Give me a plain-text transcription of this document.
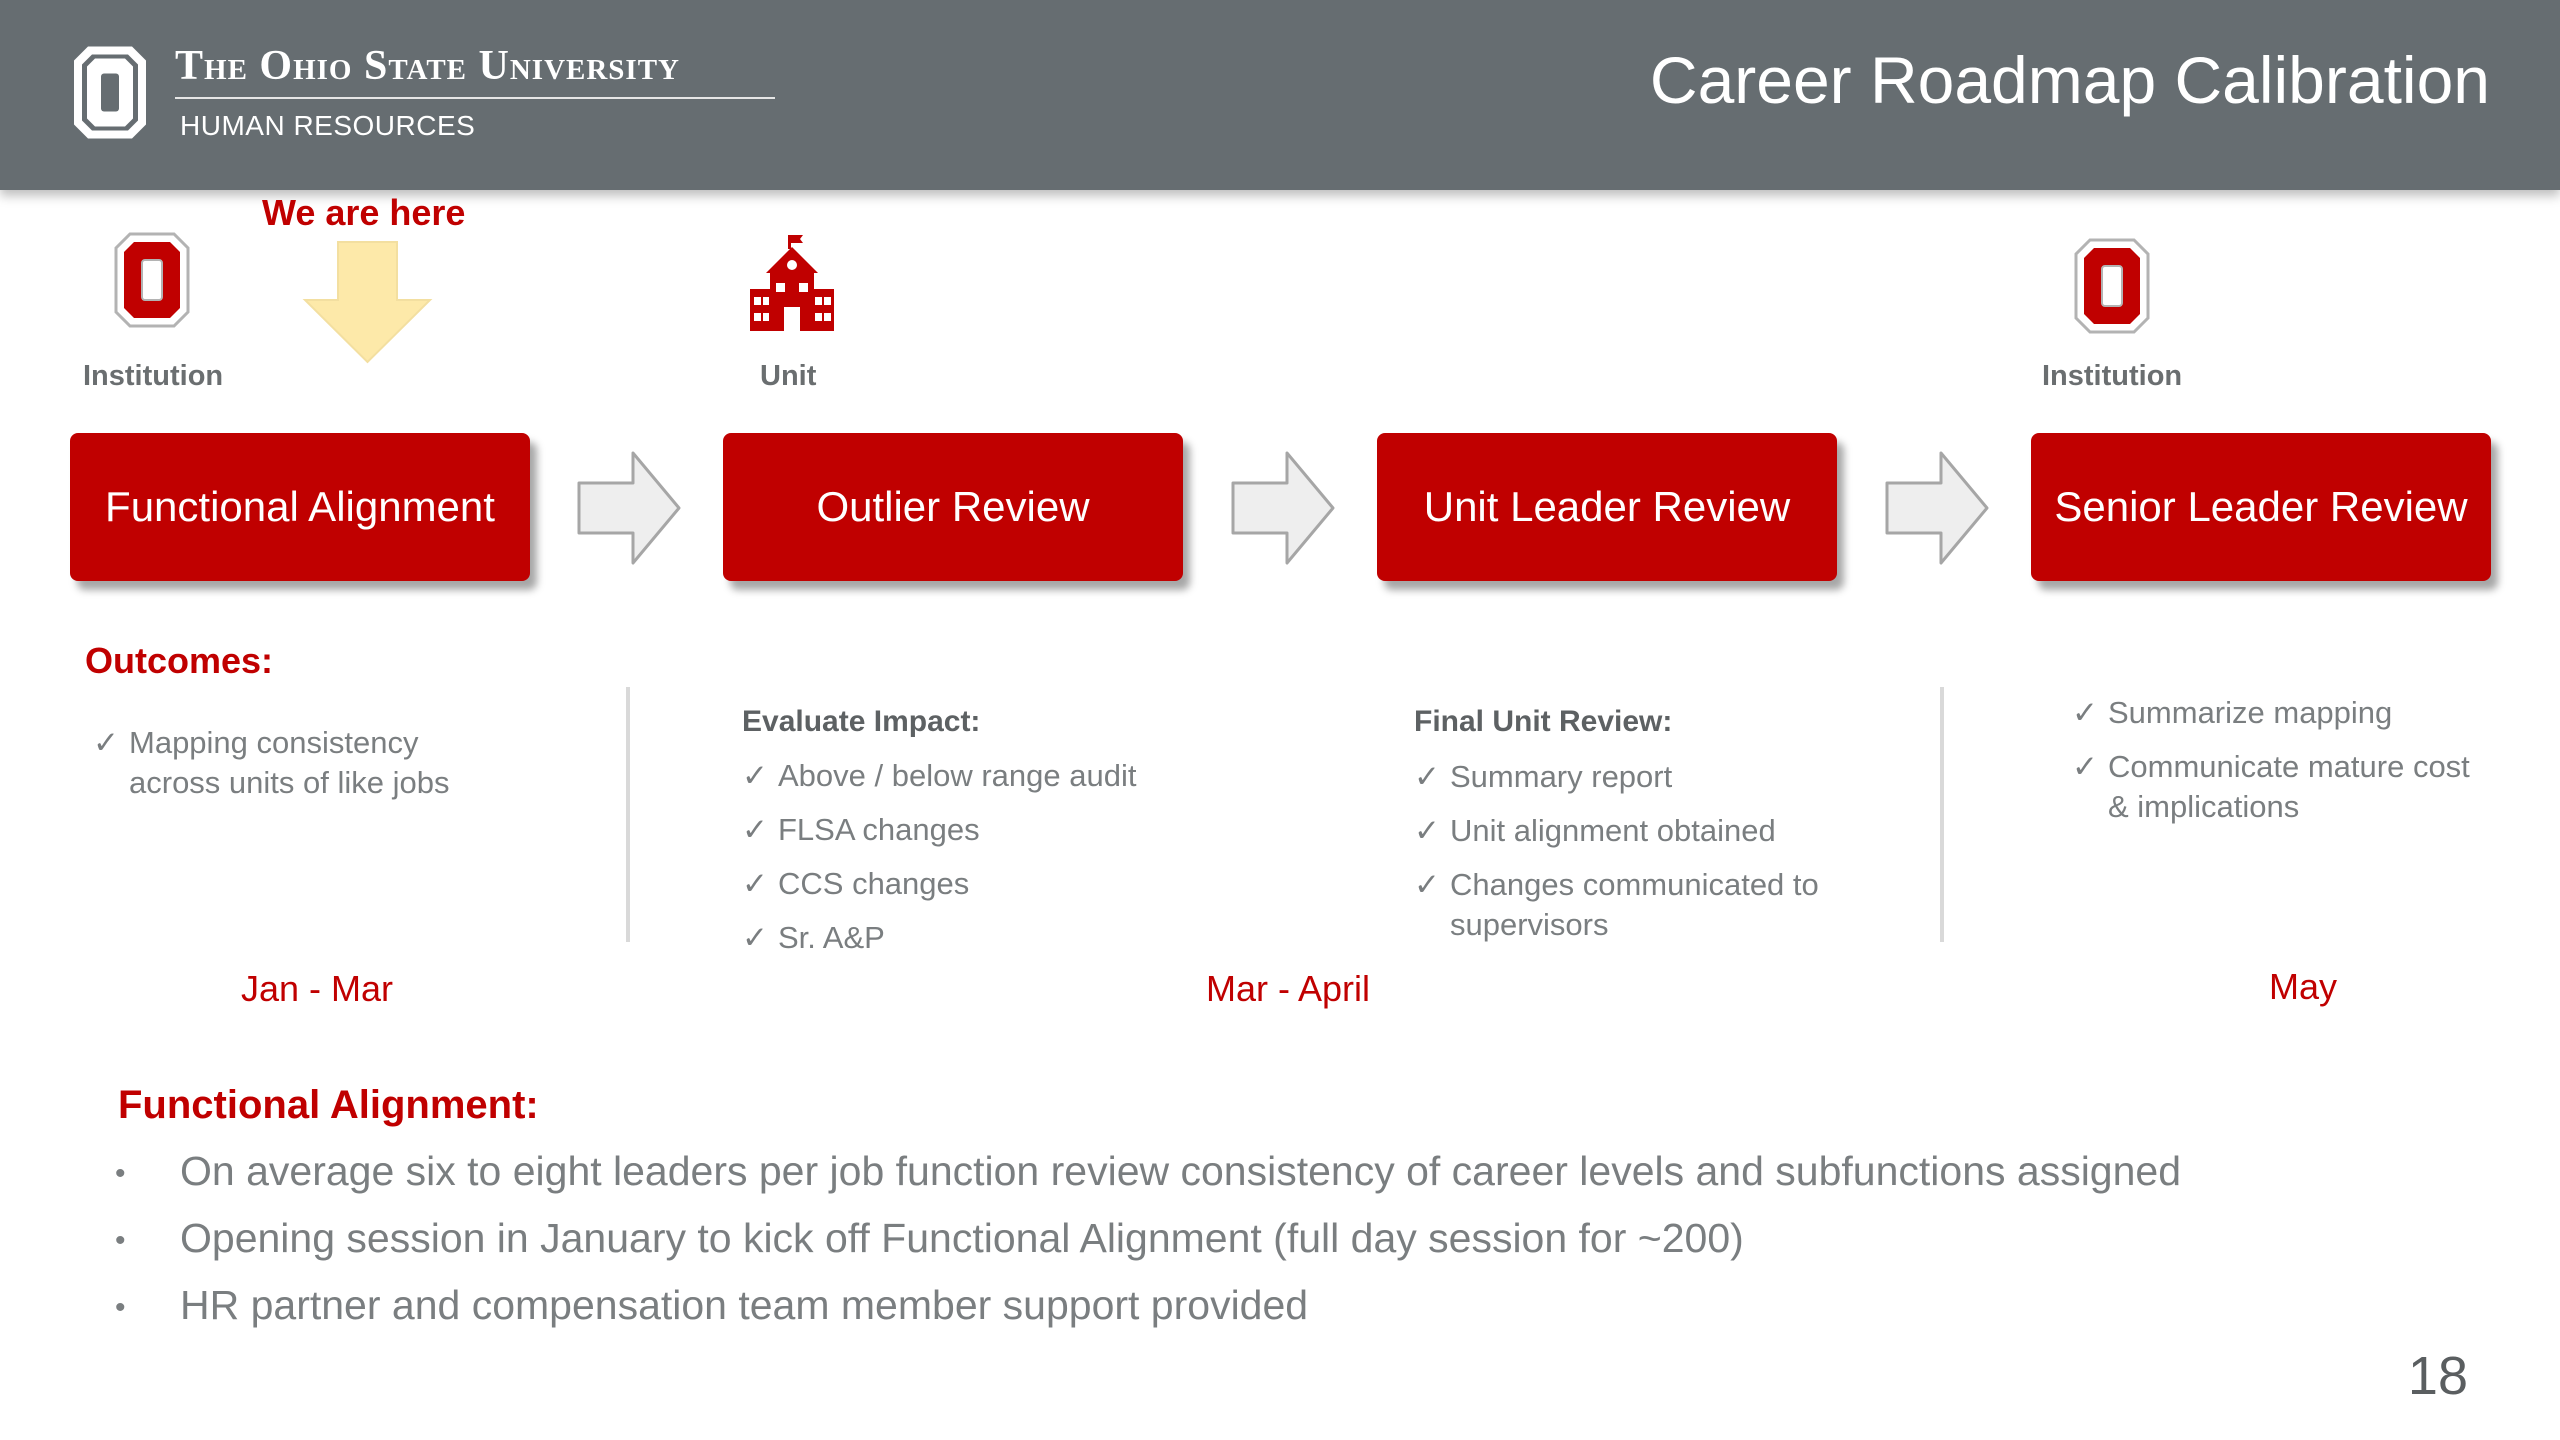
The Ohio State University
HUMAN RESOURCES
Career Roadmap Calibration
Institution
We are here
Unit	Institution
Functional Alignment	Outlier Review	Unit Leader Review	Senior Leader Review
Outcomes:
✓ Mapping consistency
across units of like jobs
Evaluate Impact:
✓ Above / below range audit
✓ FLSA changes
✓ CCS changes
✓ Sr. A&P
Final Unit Review:
✓ Summary report
✓ Unit alignment obtained
✓ Changes communicated to
supervisors
✓ Summarize mapping
✓ Communicate mature cost
& implications
Jan - Mar	Mar - April	May
Functional Alignment:
• On average six to eight leaders per job function review consistency of career levels and subfunctions assigned
• Opening session in January to kick off Functional Alignment (full day session for ~200)
• HR partner and compensation team member support provided
18
